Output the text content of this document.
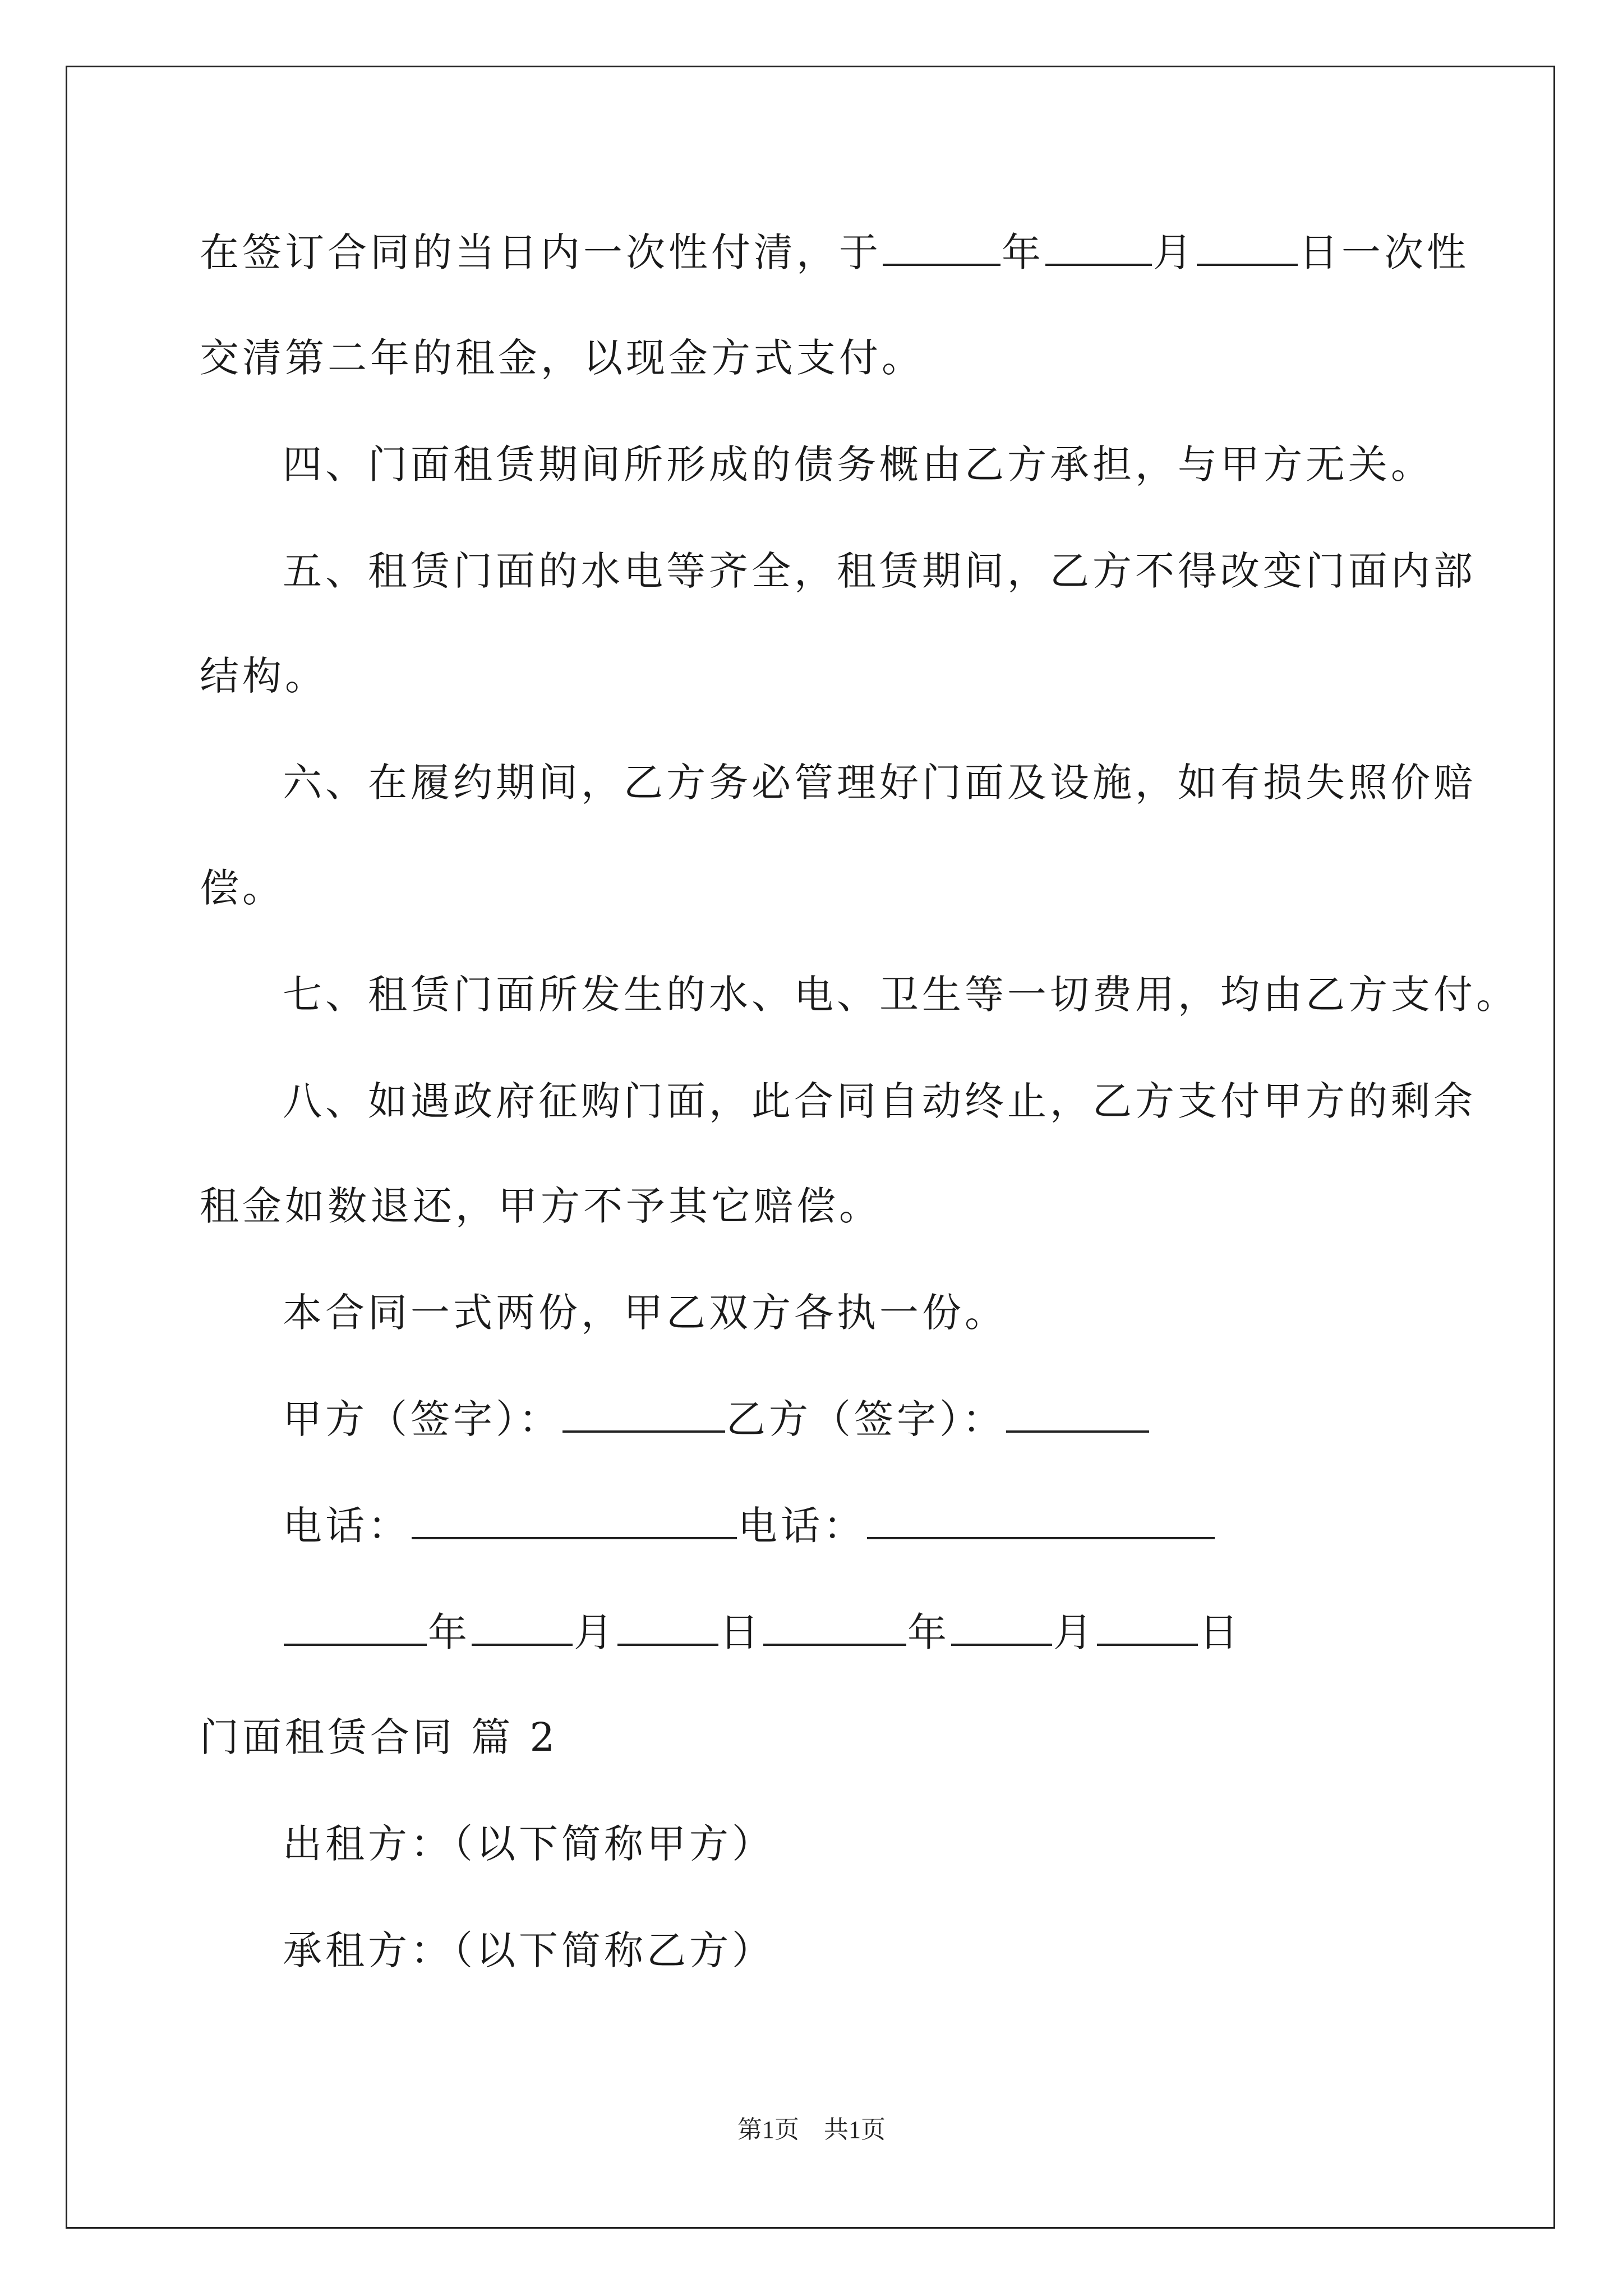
在签订合同的当日内一次性付清，于	年	月	日一次性
交清第二年的租金，以现金方式支付。
四、门面租赁期间所形成的债务概由乙方承担，与甲方无关。
五、租赁门面的水电等齐全，租赁期间，乙方不得改变门面内部
结构。
六、在履约期间，乙方务必管理好门面及设施，如有损失照价赔
偿。
七、租赁门面所发生的水、电、卫生等一切费用，均由乙方支付。
八、如遇政府征购门面，此合同自动终止，乙方支付甲方的剩余
租金如数退还，甲方不予其它赔偿。
本合同一式两份，甲乙双方各执一份。
甲方（签字）：	乙方（签字）：
电话：	电话：
年	月	日	年	月	日
门面租赁合同 篇 2
出租方：（以下简称甲方）
承租方：（以下简称乙方）
第1页　共1页
